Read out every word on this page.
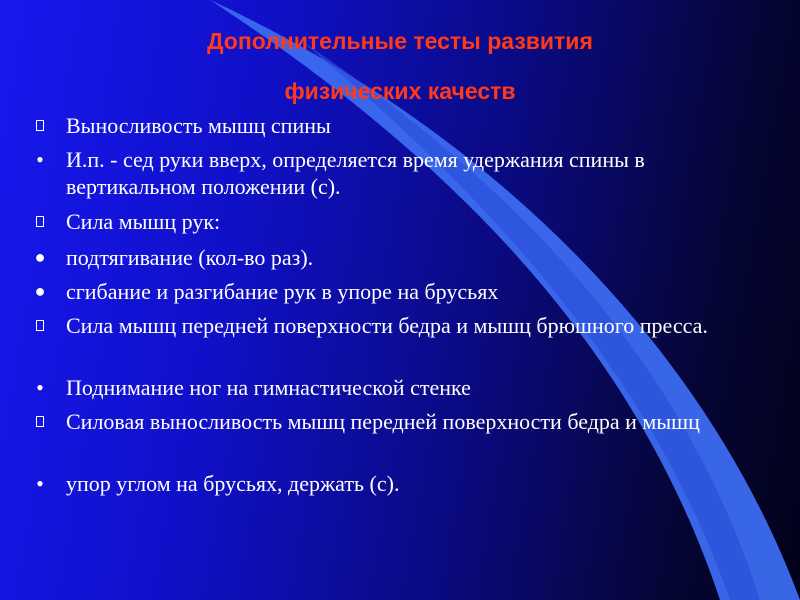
Дополнительные тесты развития
физических качеств
Выносливость мышц спины
• И.п. - сед руки вверх, определяется время удержания спины в вертикальном положении (с).
Сила мышц рук:
● подтягивание (кол-во раз).
● сгибание и разгибание рук в упоре на брусьях
Сила мышц передней поверхности бедра и мышц брюшного пресса.
• Поднимание ног на гимнастической стенке
Силовая выносливость мышц передней поверхности бедра и мышц
• упор углом на брусьях, держать (с).
